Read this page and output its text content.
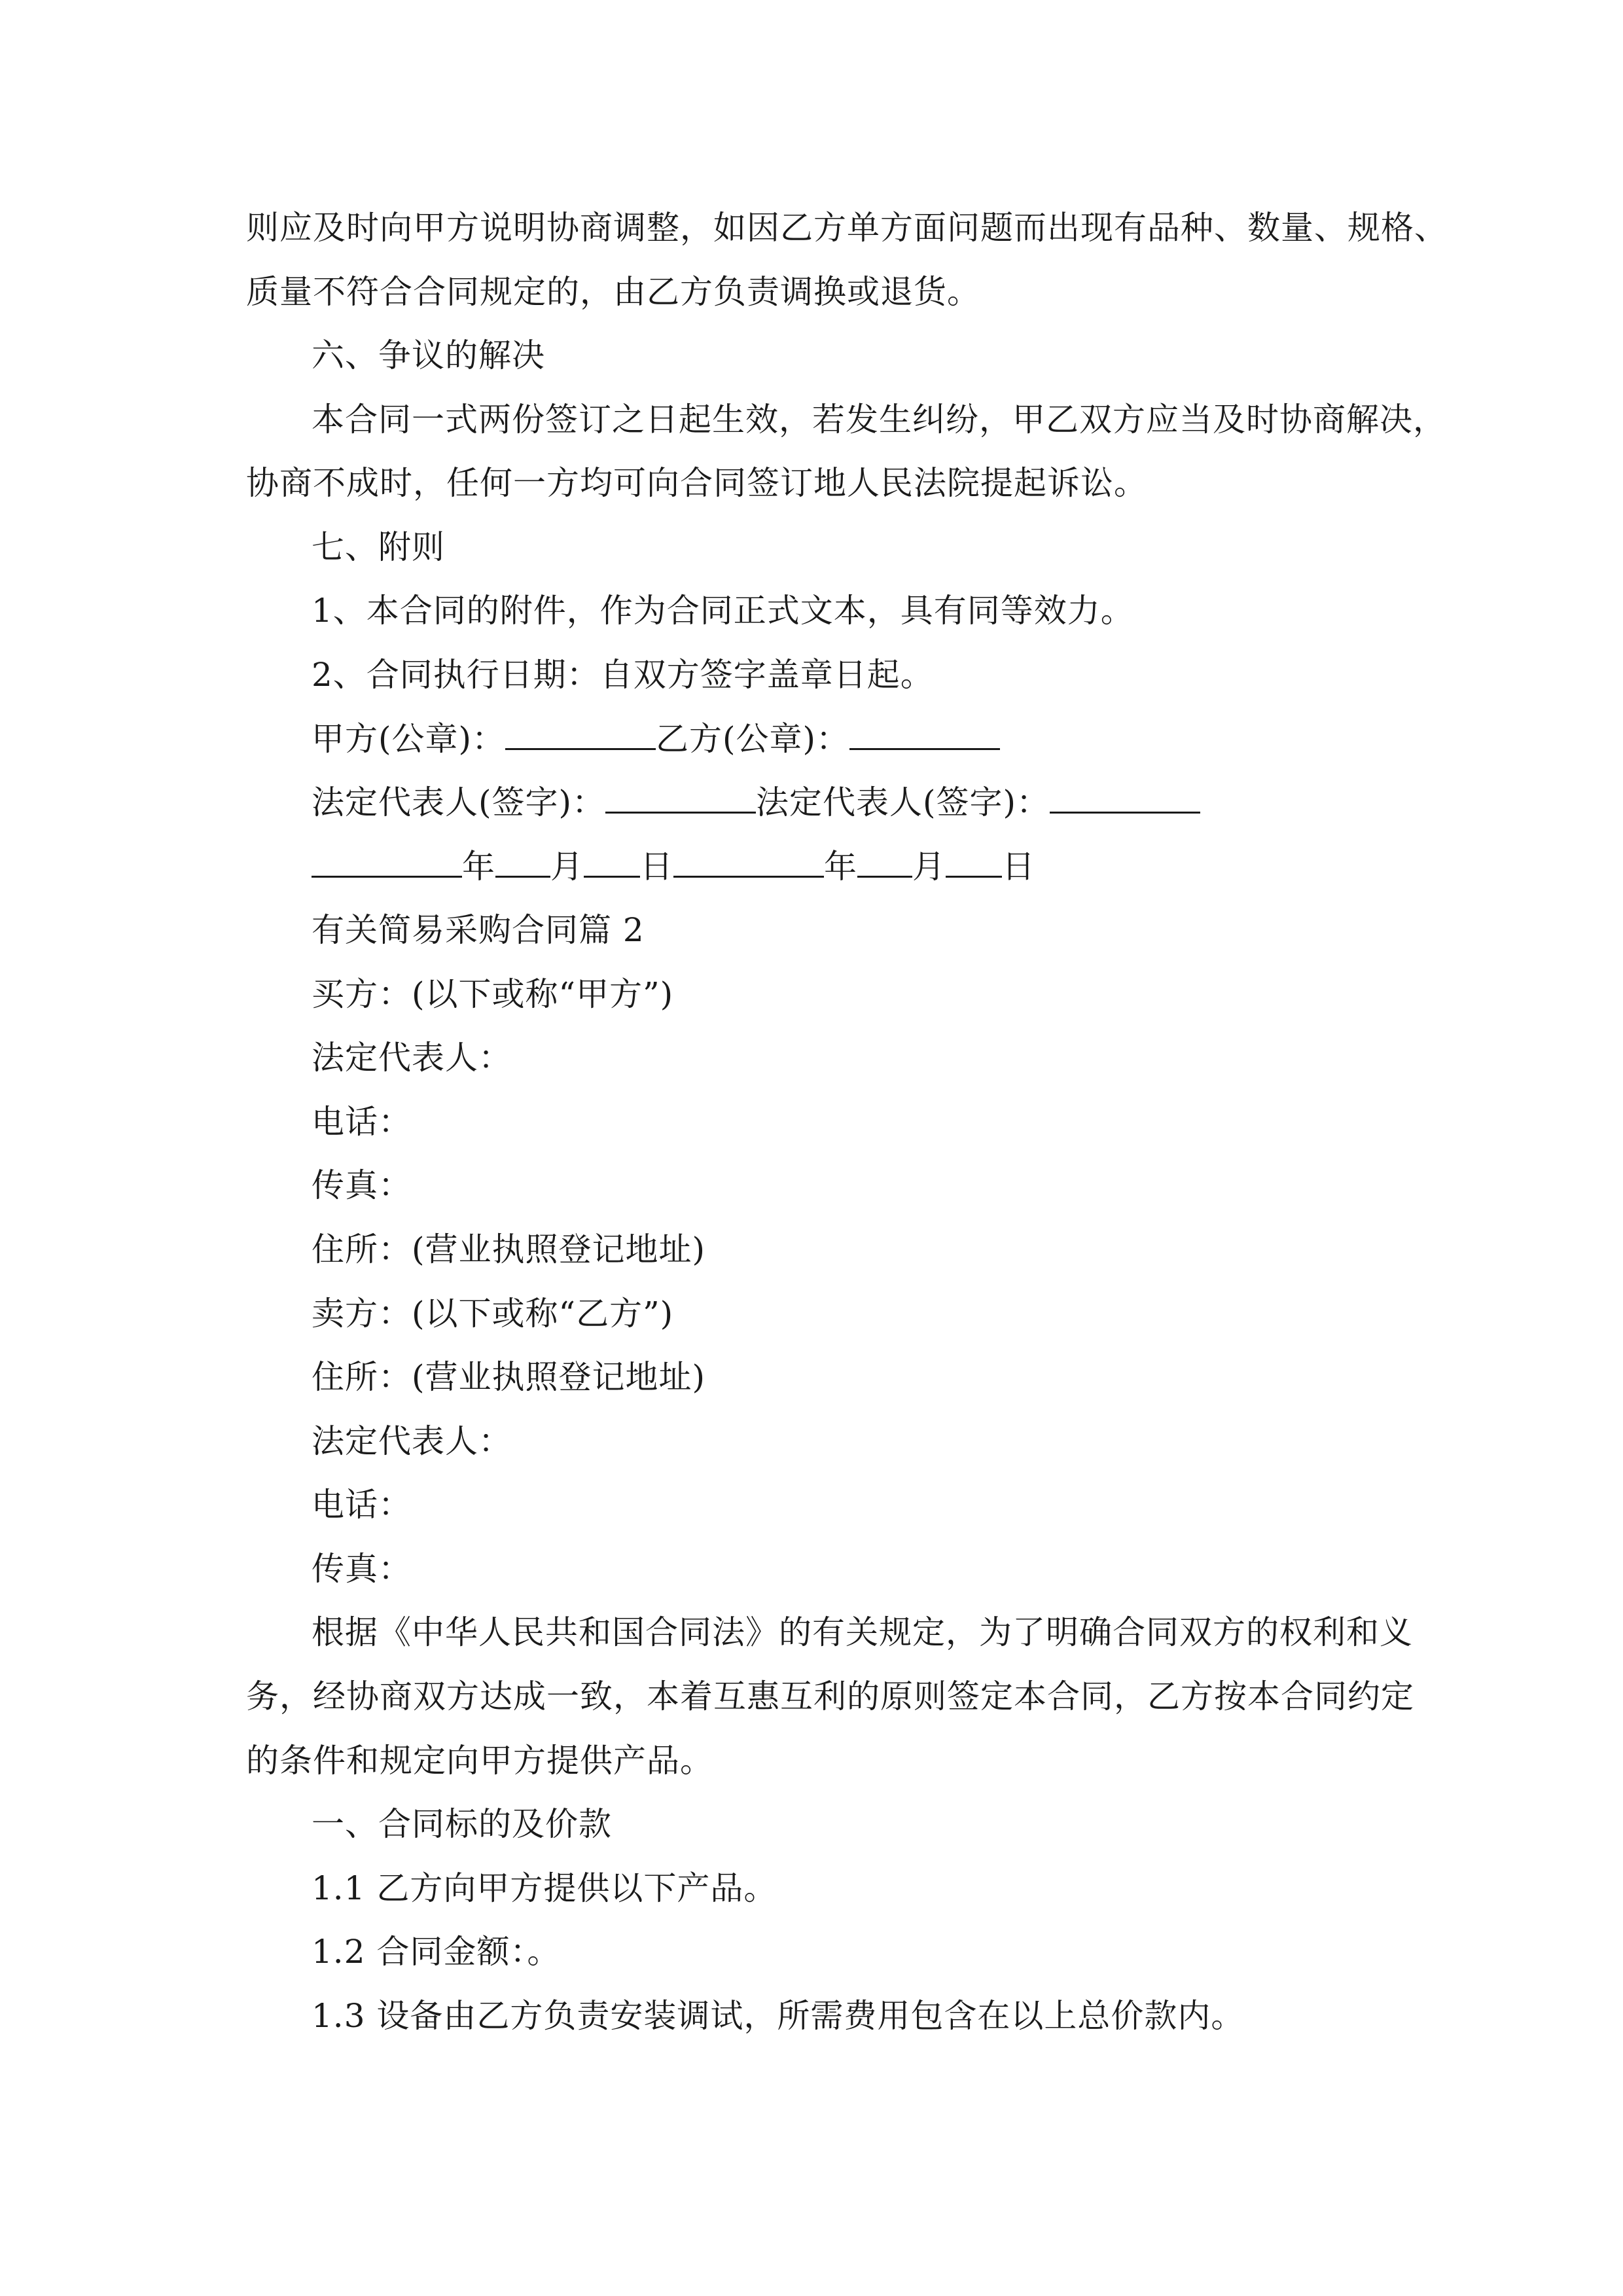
则应及时向甲方说明协商调整，如因乙方单方面问题而出现有品种、数量、规格、
质量不符合合同规定的，由乙方负责调换或退货。
六、争议的解决
本合同一式两份签订之日起生效，若发生纠纷，甲乙双方应当及时协商解决，
协商不成时，任何一方均可向合同签订地人民法院提起诉讼。
七、附则
1、本合同的附件，作为合同正式文本，具有同等效力。
2、合同执行日期：自双方签字盖章日起。
甲方(公章)：	乙方(公章)：
法定代表人(签字)：	法定代表人(签字)：
年 月 日	年 月 日
有关简易采购合同篇 2
买方：(以下或称“甲方”)
法定代表人：
电话：
传真：
住所：(营业执照登记地址)
卖方：(以下或称“乙方”)
住所：(营业执照登记地址)
法定代表人：
电话：
传真：
根据《中华人民共和国合同法》的有关规定，为了明确合同双方的权利和义
务，经协商双方达成一致，本着互惠互利的原则签定本合同，乙方按本合同约定
的条件和规定向甲方提供产品。
一、合同标的及价款
1.1 乙方向甲方提供以下产品。
1.2 合同金额：。
1.3 设备由乙方负责安装调试，所需费用包含在以上总价款内。
